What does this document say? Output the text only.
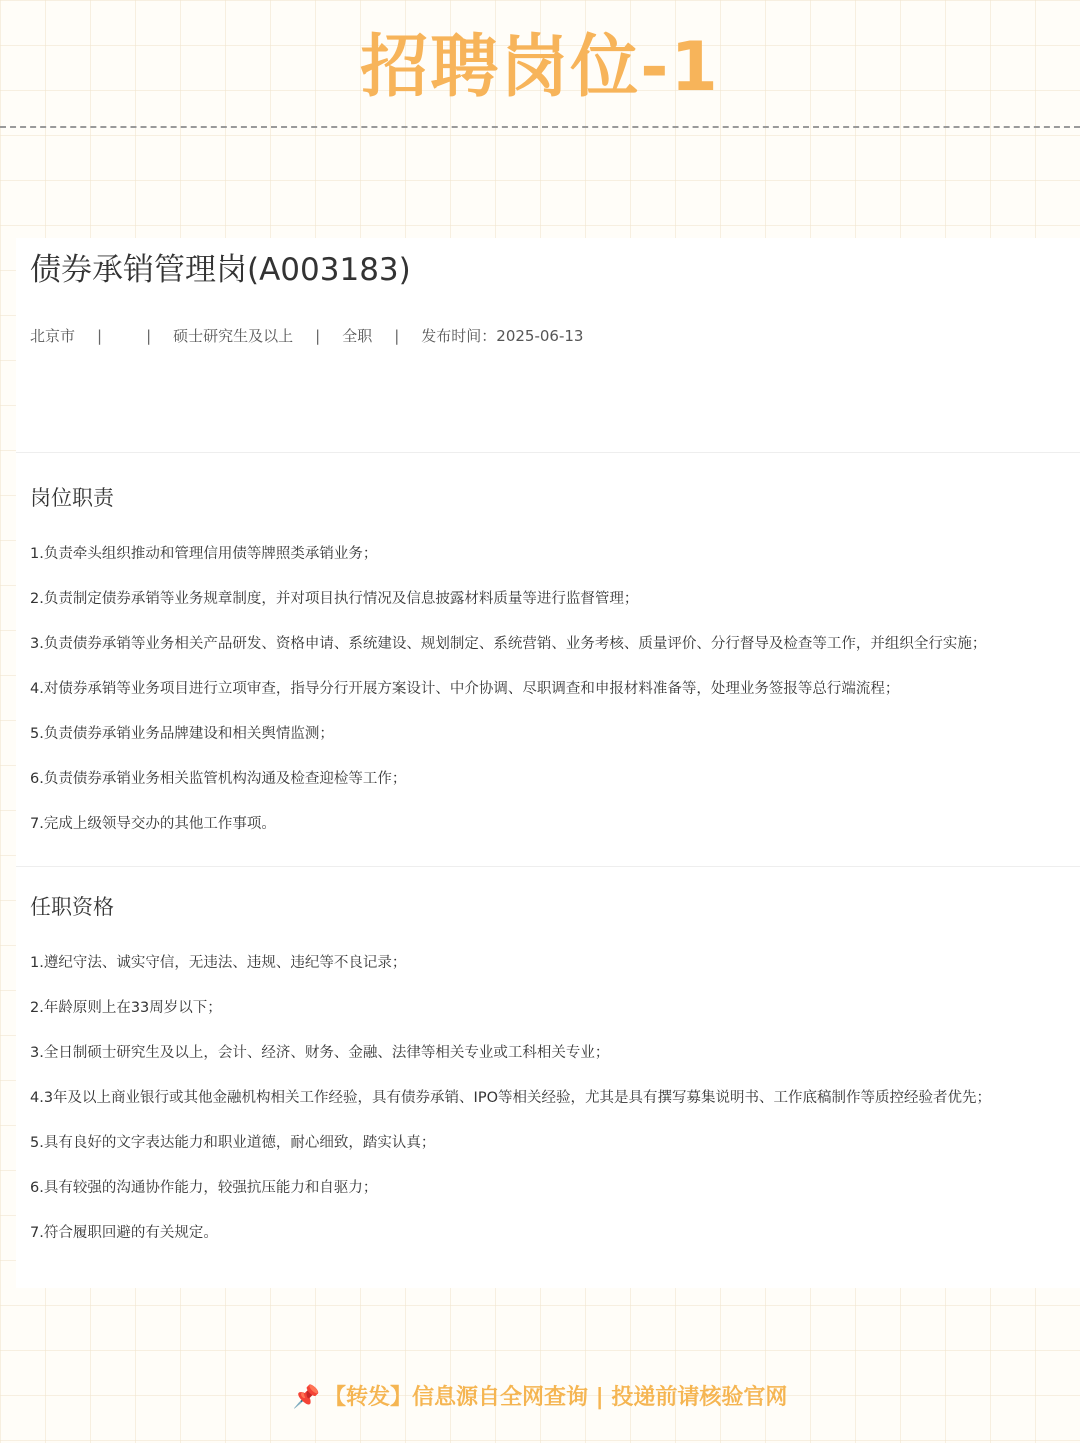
招聘岗位-1
债券承销管理岗(A003183)
北京市 |	| 硕士研究生及以上 | 全职 | 发布时间：2025-06-13
岗位职责
1.负责牵头组织推动和管理信用债等牌照类承销业务；
2.负责制定债券承销等业务规章制度，并对项目执行情况及信息披露材料质量等进行监督管理；
3.负责债券承销等业务相关产品研发、资格申请、系统建设、规划制定、系统营销、业务考核、质量评价、分行督导及检查等工作，并组织全行实施；
4.对债券承销等业务项目进行立项审查，指导分行开展方案设计、中介协调、尽职调查和申报材料准备等，处理业务签报等总行端流程；
5.负责债券承销业务品牌建设和相关舆情监测；
6.负责债券承销业务相关监管机构沟通及检查迎检等工作；
7.完成上级领导交办的其他工作事项。
任职资格
1.遵纪守法、诚实守信，无违法、违规、违纪等不良记录；
2.年龄原则上在33周岁以下；
3.全日制硕士研究生及以上，会计、经济、财务、金融、法律等相关专业或工科相关专业；
4.3年及以上商业银行或其他金融机构相关工作经验，具有债券承销、IPO等相关经验，尤其是具有撰写募集说明书、工作底稿制作等质控经验者优先；
5.具有良好的文字表达能力和职业道德，耐心细致，踏实认真；
6.具有较强的沟通协作能力，较强抗压能力和自驱力；
7.符合履职回避的有关规定。
📌 【转发】信息源自全网查询 | 投递前请核验官网
